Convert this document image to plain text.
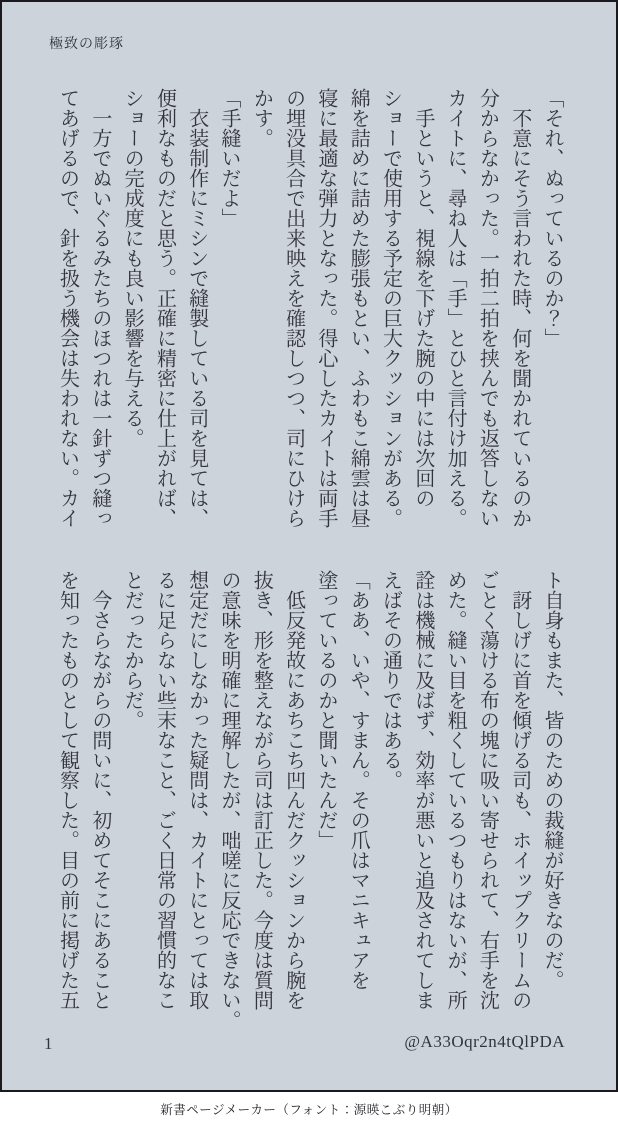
極致の彫琢
「それ、ぬっているのか？」
　不意にそう言われた時、何を聞かれているのか
分からなかった。一拍二拍を挟んでも返答しない
カイトに、尋ね人は「手」とひと言付け加える。
　手というと、視線を下げた腕の中には次回の
ショーで使用する予定の巨大クッションがある。
綿を詰めに詰めた膨張もとい、ふわもこ綿雲は昼
寝に最適な弾力となった。得心したカイトは両手
の埋没具合で出来映えを確認しつつ、司にひけら
かす。
「手縫いだよ」
　衣装制作にミシンで縫製している司を見ては、
便利なものだと思う。正確に精密に仕上がれば、
ショーの完成度にも良い影響を与える。
　一方でぬいぐるみたちのほつれは一針ずつ縫っ
てあげるので、針を扱う機会は失われない。カイ
ト自身もまた、皆のための裁縫が好きなのだ。
　訝しげに首を傾げる司も、ホイップクリームの
ごとく蕩ける布の塊に吸い寄せられて、右手を沈
めた。縫い目を粗くしているつもりはないが、所
詮は機械に及ばず、効率が悪いと追及されてしま
えばその通りではある。
「ああ、いや、すまん。その爪はマニキュアを
塗っているのかと聞いたんだ」
　低反発故にあちこち凹んだクッションから腕を
抜き、形を整えながら司は訂正した。今度は質問
の意味を明確に理解したが、咄嗟に反応できない。
想定だにしなかった疑問は、カイトにとっては取
るに足らない些末なこと、ごく日常の習慣的なこ
とだったからだ。
　今さらながらの問いに、初めてそこにあること
を知ったものとして観察した。目の前に掲げた五
1	@A33Oqr2n4tQlPDA
新書ページメーカー（フォント：源暎こぶり明朝）
